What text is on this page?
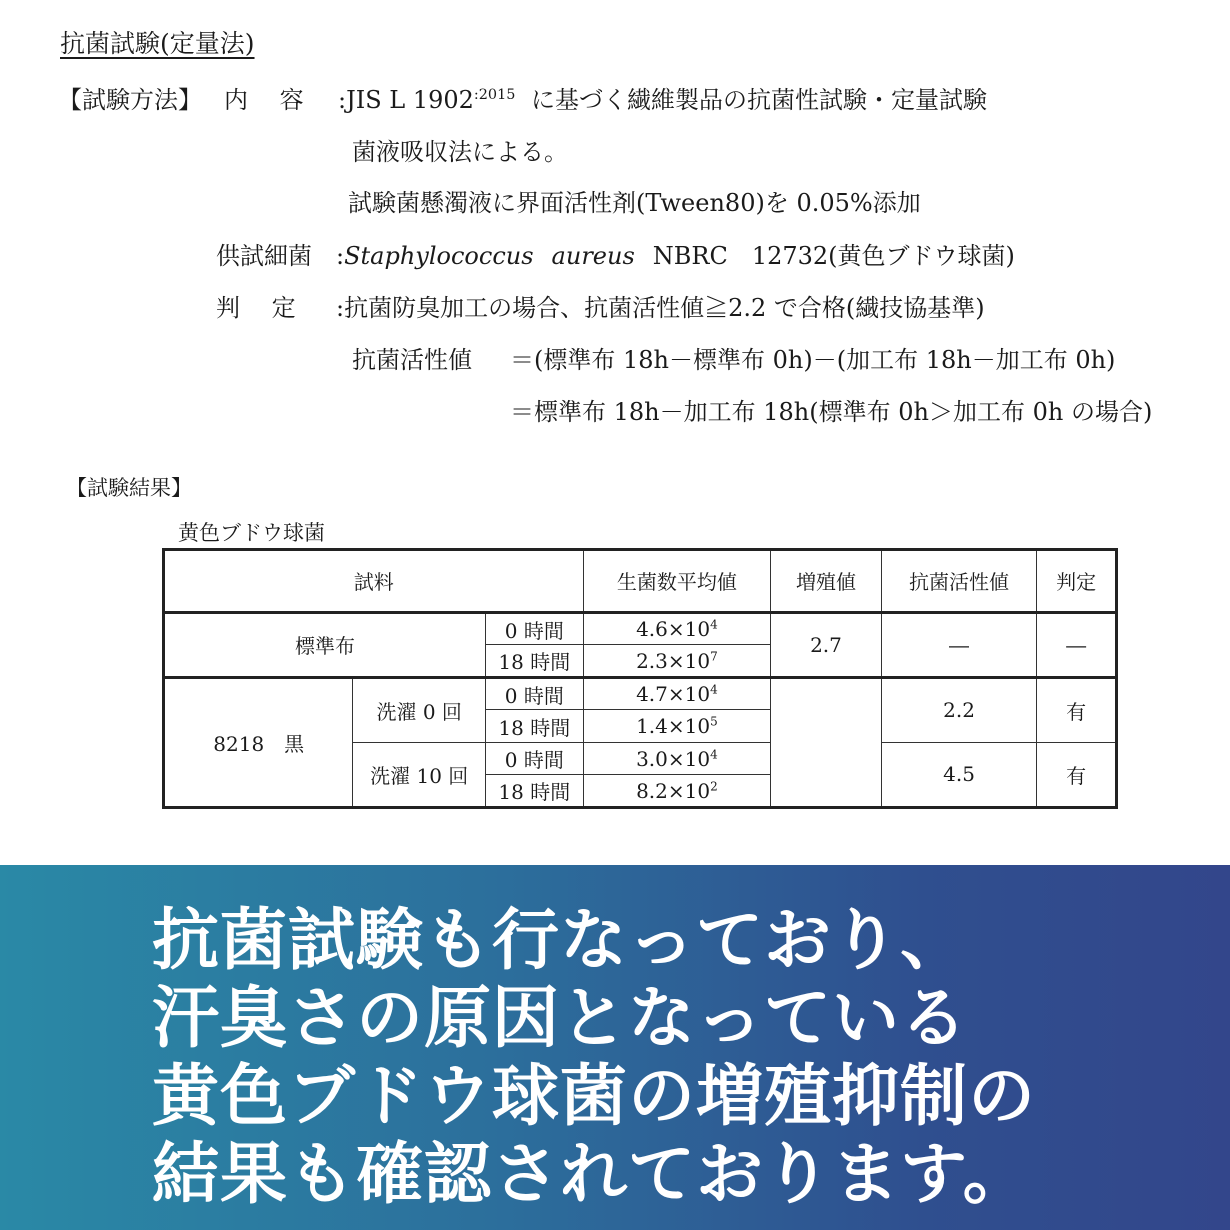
抗菌試験(定量法)
【試験方法】 内　 容 :JIS L $1902^{:2015}$ に基づく繊維製品の抗菌性試験・定量試験
菌液吸収法による。
試験菌懸濁液に界面活性剤(Tween80)を 0.05%添加
供試細菌 :Staphylococcus aureus NBRC　12732(黄色ブドウ球菌)
判　 定 :抗菌防臭加工の場合、抗菌活性値≧2.2 で合格(繊技協基準)
抗菌活性値 ＝(標準布 18h－標準布 0h)－(加工布 18h－加工布 0h)
＝標準布 18h－加工布 18h(標準布 0h＞加工布 0h の場合)
【試験結果】
黄色ブドウ球菌
試料			生菌数平均値	増殖値	抗菌活性値	判定
標準布		0 時間	$4.6\times 10^4$	2.7	―	―
		18 時間	$2.3\times 10^7$
8218　黒	洗濯 0 回	0 時間	$4.7\times 10^4$		2.2	有
		18 時間	$1.4\times 10^5$
	洗濯 10 回	0 時間	$3.0\times 10^4$		4.5	有
		18 時間	$8.2\times 10^2$
抗菌試験も行なっており、
汗臭さの原因となっている
黄色ブドウ球菌の増殖抑制の
結果も確認されております。
